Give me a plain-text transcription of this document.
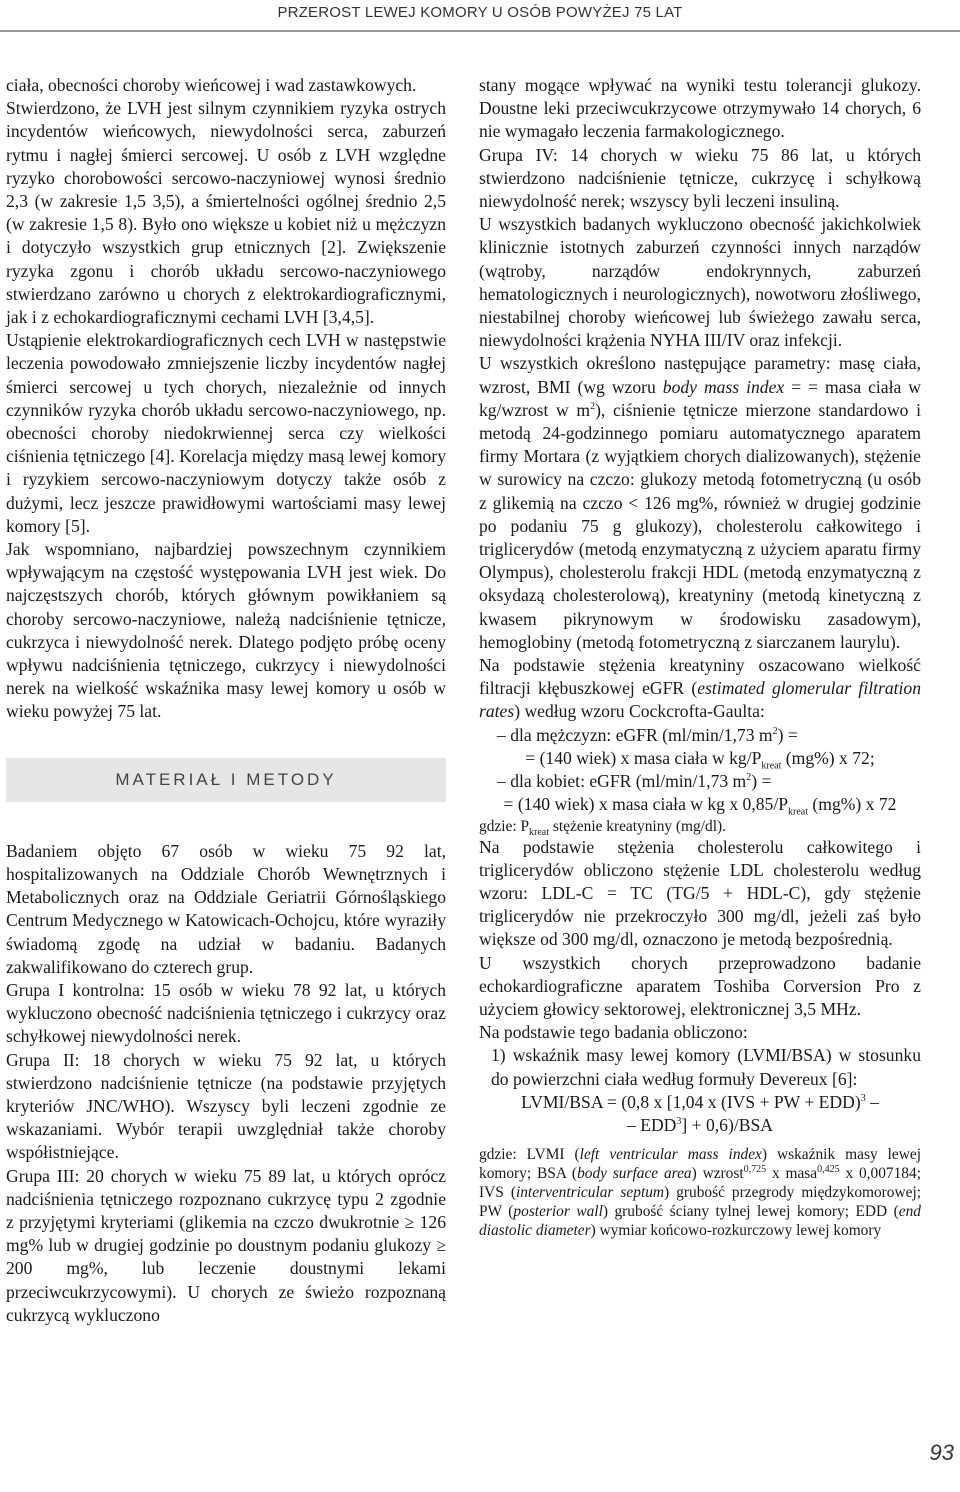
PRZEROST LEWEJ KOMORY U OSÓB POWYŻEJ 75 LAT

ciała, obecności choroby wieńcowej i wad zastawkowych.

Stwierdzono, że LVH jest silnym czynnikiem ryzyka ostrych incydentów wieńcowych, niewydolności serca, zaburzeń rytmu i nagłej śmierci sercowej. U osób z LVH względne ryzyko chorobowości sercowo-naczyniowej wynosi średnio 2,3 (w zakresie 1,5 3,5), a śmiertelności ogólnej średnio 2,5 (w zakresie 1,5 8). Było ono większe u kobiet niż u mężczyzn i dotyczyło wszystkich grup etnicznych [2]. Zwiększenie ryzyka zgonu i chorób układu sercowo-naczyniowego stwierdzano zarówno u chorych z elektrokardiograficznymi, jak i z echokardiograficznymi cechami LVH [3,4,5].

Ustąpienie elektrokardiograficznych cech LVH w następstwie leczenia powodowało zmniejszenie liczby incydentów nagłej śmierci sercowej u tych chorych, niezależnie od innych czynników ryzyka chorób układu sercowo-naczyniowego, np. obecności choroby niedokrwiennej serca czy wielkości ciśnienia tętniczego [4]. Korelacja między masą lewej komory i ryzykiem sercowo-naczyniowym dotyczy także osób z dużymi, lecz jeszcze prawidłowymi wartościami masy lewej komory [5].

Jak wspomniano, najbardziej powszechnym czynnikiem wpływającym na częstość występowania LVH jest wiek. Do najczęstszych chorób, których głównym powikłaniem są choroby sercowo-naczyniowe, należą nadciśnienie tętnicze, cukrzyca i niewydolność nerek. Dlatego podjęto próbę oceny wpływu nadciśnienia tętniczego, cukrzycy i niewydolności nerek na wielkość wskaźnika masy lewej komory u osób w wieku powyżej 75 lat.

MATERIAŁ I METODY

Badaniem objęto 67 osób w wieku 75 92 lat, hospitalizowanych na Oddziale Chorób Wewnętrznych i Metabolicznych oraz na Oddziale Geriatrii Górnośląskiego Centrum Medycznego w Katowicach-Ochojcu, które wyraziły świadomą zgodę na udział w badaniu. Badanych zakwalifikowano do czterech grup.

Grupa I kontrolna: 15 osób w wieku 78 92 lat, u których wykluczono obecność nadciśnienia tętniczego i cukrzycy oraz schyłkowej niewydolności nerek.

Grupa II: 18 chorych w wieku 75 92 lat, u których stwierdzono nadciśnienie tętnicze (na podstawie przyjętych kryteriów JNC/WHO). Wszyscy byli leczeni zgodnie ze wskazaniami. Wybór terapii uwzględniał także choroby współistniejące.

Grupa III: 20 chorych w wieku 75 89 lat, u których oprócz nadciśnienia tętniczego rozpoznano cukrzycę typu 2 zgodnie z przyjętymi kryteriami (glikemia na czczo dwukrotnie ≥ 126 mg% lub w drugiej godzinie po doustnym podaniu glukozy ≥ 200 mg%, lub leczenie doustnymi lekami przeciwcukrzycowymi). U chorych ze świeżo rozpoznaną cukrzycą wykluczono

stany mogące wpływać na wyniki testu tolerancji glukozy. Doustne leki przeciwcukrzycowe otrzymywało 14 chorych, 6 nie wymagało leczenia farmakologicznego.

Grupa IV: 14 chorych w wieku 75 86 lat, u których stwierdzono nadciśnienie tętnicze, cukrzycę i schyłkową niewydolność nerek; wszyscy byli leczeni insuliną.

U wszystkich badanych wykluczono obecność jakichkolwiek klinicznie istotnych zaburzeń czynności innych narządów (wątroby, narządów endokrynnych, zaburzeń hematologicznych i neurologicznych), nowotworu złośliwego, niestabilnej choroby wieńcowej lub świeżego zawału serca, niewydolności krążenia NYHA III/IV oraz infekcji.

U wszystkich określono następujące parametry: masę ciała, wzrost, BMI (wg wzoru body mass index = = masa ciała w kg/wzrost w $m^2$), ciśnienie tętnicze mierzone standardowo i metodą 24-godzinnego pomiaru automatycznego aparatem firmy Mortara (z wyjątkiem chorych dializowanych), stężenie w surowicy na czczo: glukozy metodą fotometryczną (u osób z glikemią na czczo < 126 mg%, również w drugiej godzinie po podaniu 75 g glukozy), cholesterolu całkowitego i triglicerydów (metodą enzymatyczną z użyciem aparatu firmy Olympus), cholesterolu frakcji HDL (metodą enzymatyczną z oksydazą cholesterolową), kreatyniny (metodą kinetyczną z kwasem pikrynowym w środowisku zasadowym), hemoglobiny (metodą fotometryczną z siarczanem laurylu).

Na podstawie stężenia kreatyniny oszacowano wielkość filtracji kłębuszkowej eGFR (estimated glomerular filtration rates) według wzoru Cockcrofta-Gaulta:

– dla mężczyzn: eGFR (ml/min/1,73 $m^2$) =

= (140 wiek) x masa ciała w $kg/P_{kreat}$ (mg%) x 72;

– dla kobiet: eGFR (ml/min/1,73 $m^2$) =

= (140 wiek) x masa ciała w kg x $0,85/P_{kreat}$ (mg%) x 72

gdzie: $P_{kreat}$ stężenie kreatyniny (mg/dl).

Na podstawie stężenia cholesterolu całkowitego i triglicerydów obliczono stężenie LDL cholesterolu według wzoru: LDL-C = TC (TG/5 + HDL-C), gdy stężenie triglicerydów nie przekroczyło 300 mg/dl, jeżeli zaś było większe od 300 mg/dl, oznaczono je metodą bezpośrednią.

U wszystkich chorych przeprowadzono badanie echokardiograficzne aparatem Toshiba Corversion Pro z użyciem głowicy sektorowej, elektronicznej 3,5 MHz.

Na podstawie tego badania obliczono:

1) wskaźnik masy lewej komory (LVMI/BSA) w stosunku do powierzchni ciała według formuły Devereux [6]:

LVMI/BSA = (0,8 x [1,04 x (IVS + PW + EDD)$^3$ –

– $EDD^3] + 0,6)/BSA$

gdzie: LVMI (left ventricular mass index) wskaźnik masy lewej komory; BSA (body surface area) wzrost$^{0,725}$ x masa$^{0,425}$ x 0,007184; IVS (interventricular septum) grubość przegrody międzykomorowej; PW (posterior wall) grubość ściany tylnej lewej komory; EDD (end diastolic diameter) wymiar końcowo-rozkurczowy lewej komory

93
